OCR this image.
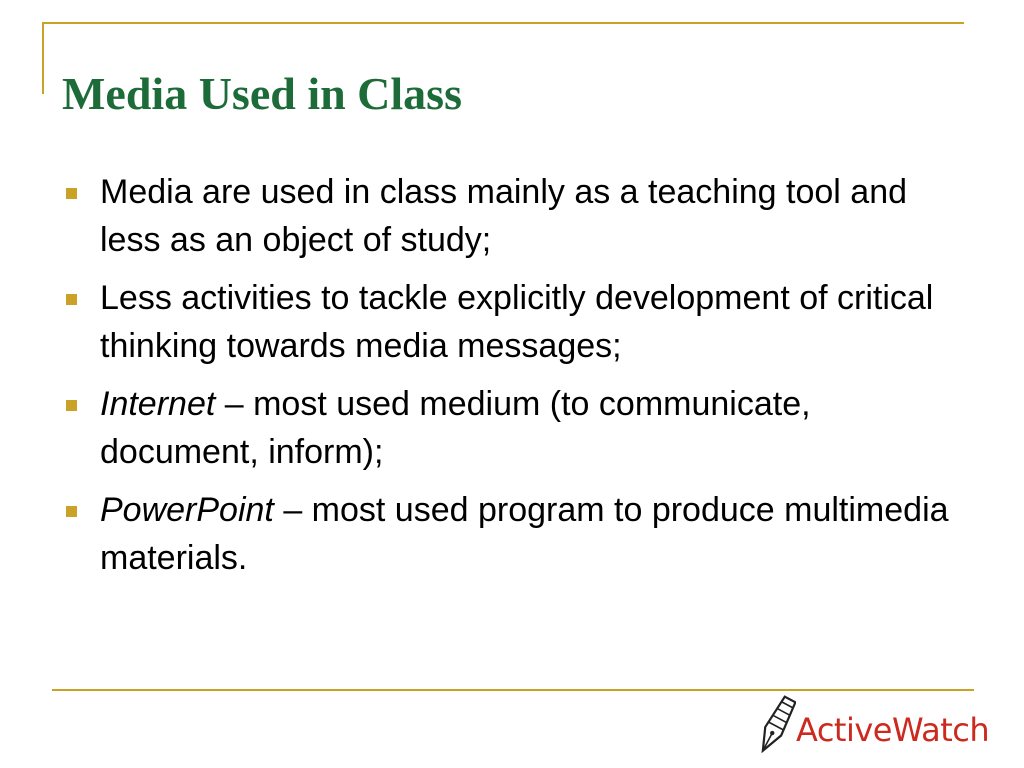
Media Used in Class
Media are used in class mainly as a teaching tool and less as an object of study;
Less activities to tackle explicitly development of critical thinking towards media messages;
Internet – most used medium (to communicate, document, inform);
PowerPoint – most used program to produce multimedia materials.
ActiveWatch
